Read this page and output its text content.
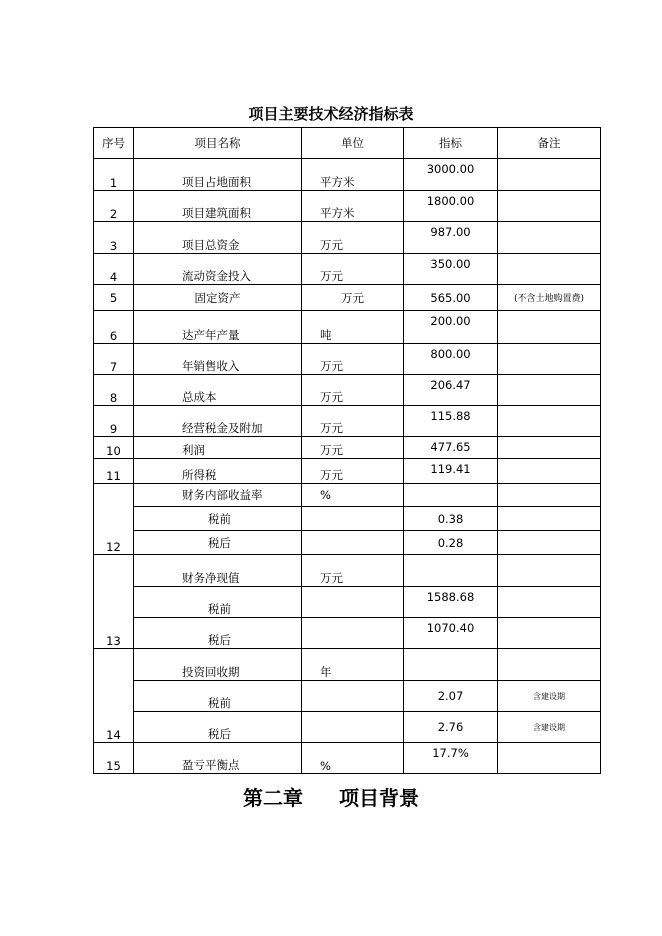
项目主要技术经济指标表
序号	项目名称	单位	指标	备注
1	项目占地面积	平方米	3000.00	
2	项目建筑面积	平方米	1800.00	
3	项目总资金	万元	987.00	
4	流动资金投入	万元	350.00	
5	固定资产	万元	565.00	(不含土地购置费)
6	达产年产量	吨	200.00	
7	年销售收入	万元	800.00	
8	总成本	万元	206.47	
9	经营税金及附加	万元	115.88	
10	利润	万元	477.65	
11	所得税	万元	119.41	
12	财务内部收益率	%		
	税前		0.38	
	税后		0.28	
13	财务净现值	万元		
	税前		1588.68	
	税后		1070.40	
14	投资回收期	年		
	税前		2.07	含建设期
	税后		2.76	含建设期
15	盈亏平衡点	%	17.7%	
第二章 项目背景
